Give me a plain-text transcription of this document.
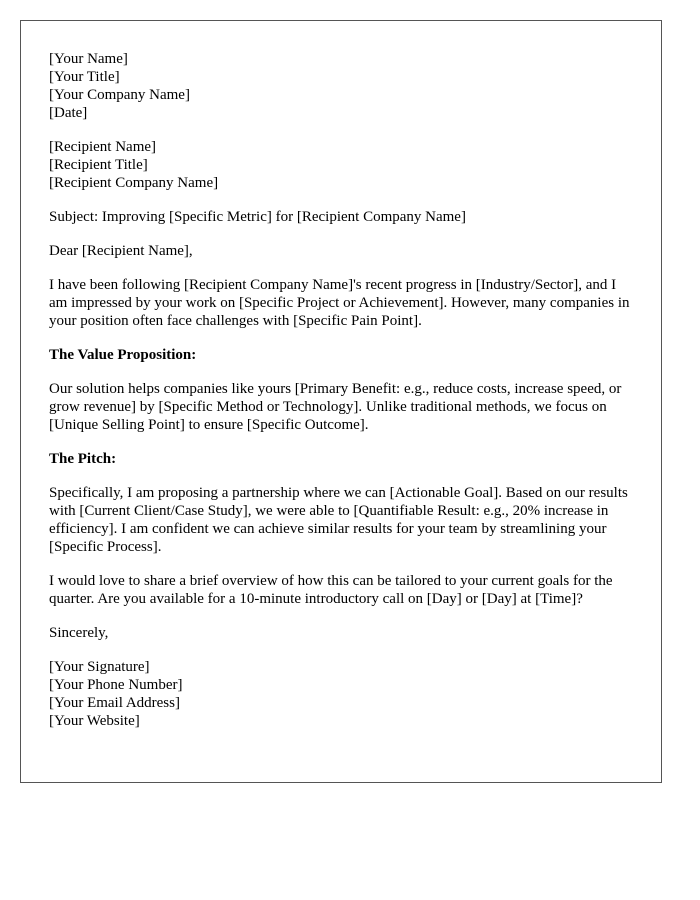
[Your Name]
[Your Title]
[Your Company Name]
[Date]
[Recipient Name]
[Recipient Title]
[Recipient Company Name]

Subject: Improving [Specific Metric] for [Recipient Company Name]

Dear [Recipient Name],

I have been following [Recipient Company Name]'s recent progress in [Industry/Sector], and I am impressed by your work on [Specific Project or Achievement]. However, many companies in your position often face challenges with [Specific Pain Point].

The Value Proposition:

Our solution helps companies like yours [Primary Benefit: e.g., reduce costs, increase speed, or grow revenue] by [Specific Method or Technology]. Unlike traditional methods, we focus on [Unique Selling Point] to ensure [Specific Outcome].

The Pitch:

Specifically, I am proposing a partnership where we can [Actionable Goal]. Based on our results with [Current Client/Case Study], we were able to [Quantifiable Result: e.g., 20% increase in efficiency]. I am confident we can achieve similar results for your team by streamlining your [Specific Process].

I would love to share a brief overview of how this can be tailored to your current goals for the quarter. Are you available for a 10-minute introductory call on [Day] or [Day] at [Time]?

Sincerely,

[Your Signature]
[Your Phone Number]
[Your Email Address]
[Your Website]
